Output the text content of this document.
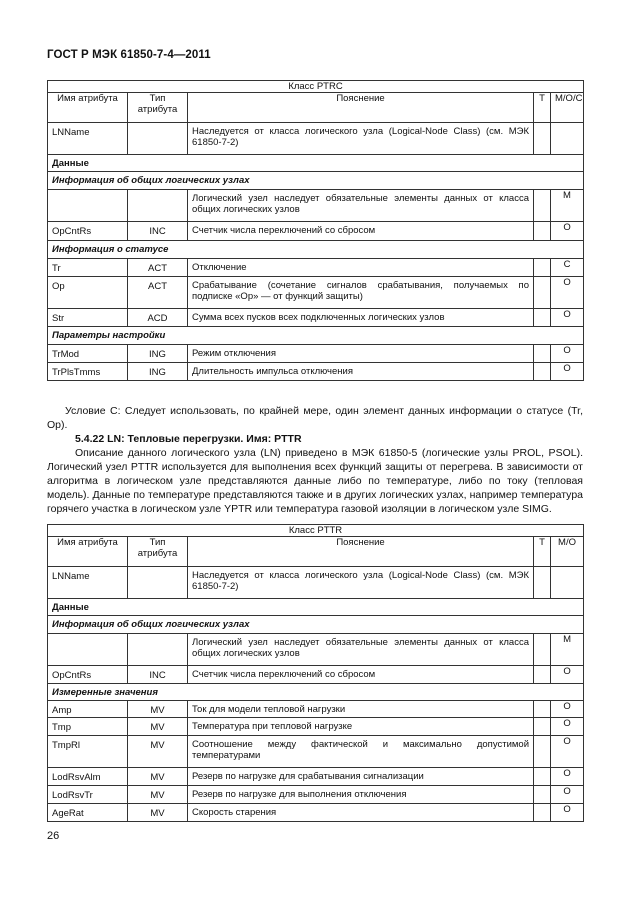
ГОСТ Р МЭК 61850-7-4—2011
Класс PTRC				
Имя атрибута	Тип атрибута	Пояснение	T	M/O/C
LNName		Наследуется от класса логического узла (Logical-Node Class) (см. МЭК 61850-7-2)		
Данные				
Информация об общих логических узлах				
		Логический узел наследует обязательные элементы данных от класса общих логических узлов		M
OpCntRs	INC	Счетчик числа переключений со сбросом		O
Информация о статусе				
Tr	ACT	Отключение		C
Op	ACT	Срабатывание (сочетание сигналов срабатывания, получаемых по подписке «Op» — от функций защиты)		O
Str	ACD	Сумма всех пусков всех подключенных логических узлов		O
Параметры настройки				
TrMod	ING	Режим отключения		O
TrPlsTmms	ING	Длительность импульса отключения		O
Условие C: Следует использовать, по крайней мере, один элемент данных информации о статусе (Tr, Op).
5.4.22 LN: Тепловые перегрузки. Имя: PTTR
Описание данного логического узла (LN) приведено в МЭК 61850-5 (логические узлы PROL, PSOL). Логический узел PTTR используется для выполнения всех функций защиты от перегрева. В зависимости от алгоритма в логическом узле представляются данные либо по температуре, либо по току (тепловая модель). Данные по температуре представляются также и в других логических узлах, например температура горячего участка в логическом узле YPTR или температура газовой изоляции в логическом узле SIMG.
Класс PTTR				
Имя атрибута	Тип атрибута	Пояснение	T	M/O
LNName		Наследуется от класса логического узла (Logical-Node Class) (см. МЭК 61850-7-2)		
Данные				
Информация об общих логических узлах				
		Логический узел наследует обязательные элементы данных от класса общих логических узлов		M
OpCntRs	INC	Счетчик числа переключений со сбросом		O
Измеренные значения				
Amp	MV	Ток для модели тепловой нагрузки		O
Tmp	MV	Температура при тепловой нагрузке		O
TmpRl	MV	Соотношение между фактической и максимально допустимой температурами		O
LodRsvAlm	MV	Резерв по нагрузке для срабатывания сигнализации		O
LodRsvTr	MV	Резерв по нагрузке для выполнения отключения		O
AgeRat	MV	Скорость старения		O
26
